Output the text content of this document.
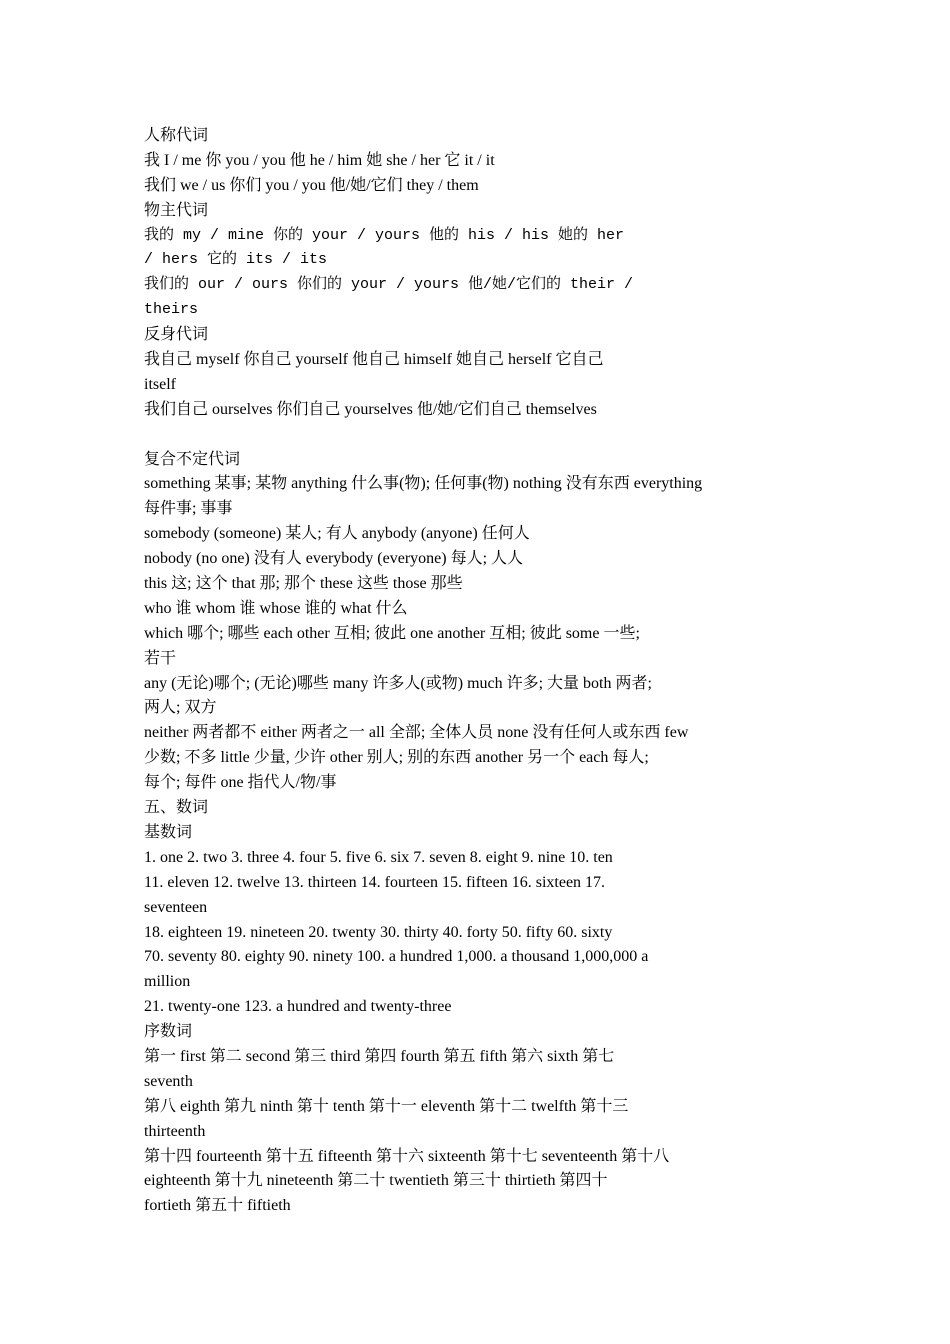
人称代词
我 I / me 你 you / you 他 he / him 她 she / her 它 it / it
我们 we / us 你们 you / you 他/她/它们 they / them
物主代词
我的 my / mine 你的 your / yours 他的 his / his 她的 her
/ hers 它的 its / its
我们的 our / ours 你们的 your / yours 他/她/它们的 their /
theirs
反身代词
我自己 myself 你自己 yourself 他自己 himself 她自己 herself 它自己
itself
我们自己 ourselves 你们自己 yourselves 他/她/它们自己 themselves
复合不定代词
something 某事; 某物 anything 什么事(物); 任何事(物) nothing 没有东西 everything
每件事; 事事
somebody (someone) 某人; 有人 anybody (anyone) 任何人
nobody (no one) 没有人 everybody (everyone) 每人; 人人
this 这; 这个 that 那; 那个 these 这些 those 那些
who 谁 whom 谁 whose 谁的 what 什么
which 哪个; 哪些 each other 互相; 彼此 one another 互相; 彼此 some 一些;
若干
any (无论)哪个; (无论)哪些 many 许多人(或物) much 许多; 大量 both 两者;
两人; 双方
neither 两者都不 either 两者之一 all 全部; 全体人员 none 没有任何人或东西 few
少数; 不多 little 少量, 少许 other 别人; 别的东西 another 另一个 each 每人;
每个; 每件 one 指代人/物/事
五、数词
基数词
1. one 2. two 3. three 4. four 5. five 6. six 7. seven 8. eight 9. nine 10. ten
11. eleven 12. twelve 13. thirteen 14. fourteen 15. fifteen 16. sixteen 17.
seventeen
18. eighteen 19. nineteen 20. twenty 30. thirty 40. forty 50. fifty 60. sixty
70. seventy 80. eighty 90. ninety 100. a hundred 1,000. a thousand 1,000,000 a
million
21. twenty-one 123. a hundred and twenty-three
序数词
第一 first 第二 second 第三 third 第四 fourth 第五 fifth 第六 sixth 第七
seventh
第八 eighth 第九 ninth 第十 tenth 第十一 eleventh 第十二 twelfth 第十三
thirteenth
第十四 fourteenth 第十五 fifteenth 第十六 sixteenth 第十七 seventeenth 第十八
eighteenth 第十九 nineteenth 第二十 twentieth 第三十 thirtieth 第四十
fortieth 第五十 fiftieth
